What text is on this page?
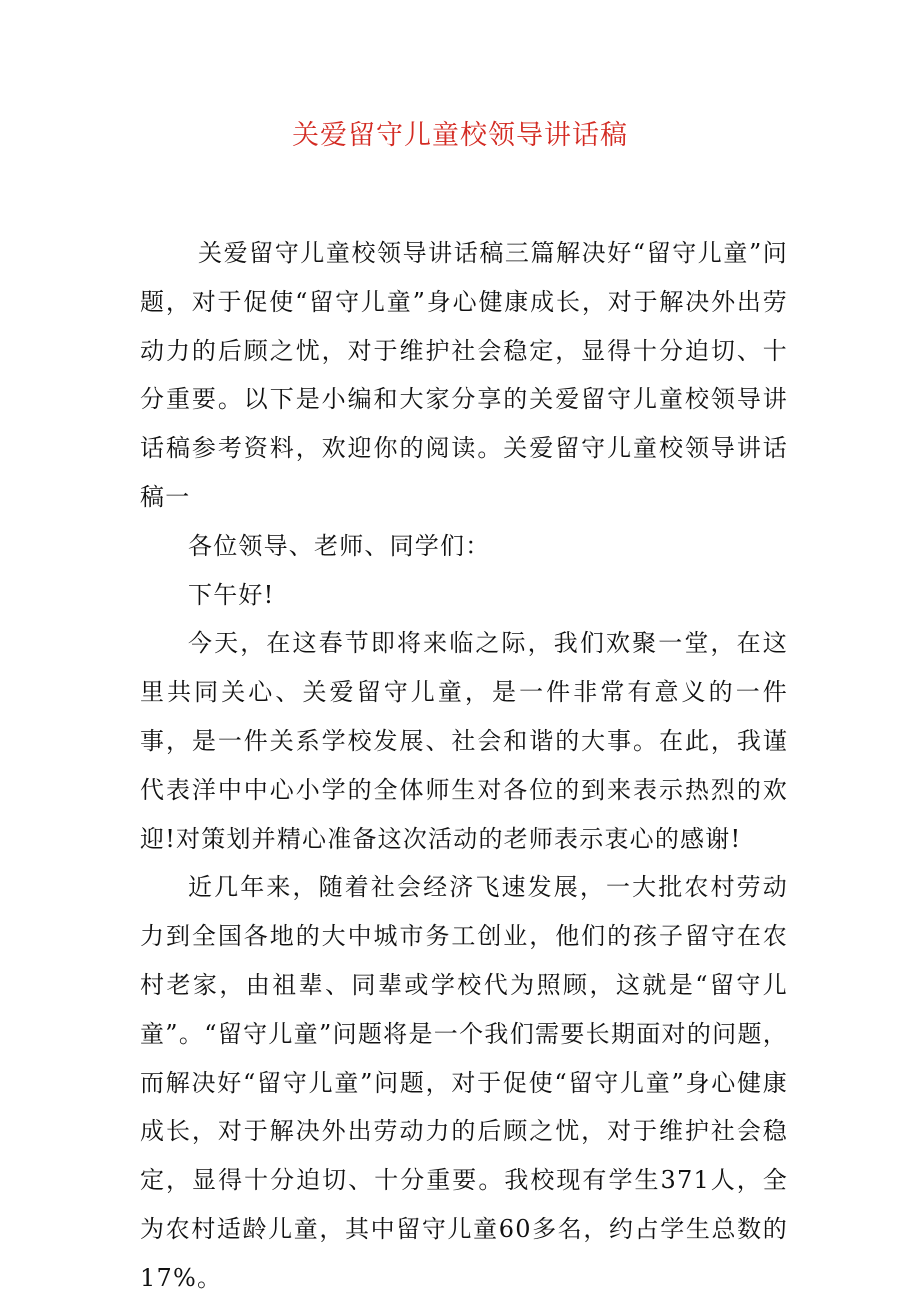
关爱留守儿童校领导讲话稿

关爱留守儿童校领导讲话稿三篇解决好“留守儿童”问题，对于促使“留守儿童”身心健康成长，对于解决外出劳动力的后顾之忧，对于维护社会稳定，显得十分迫切、十分重要。以下是小编和大家分享的关爱留守儿童校领导讲话稿参考资料，欢迎你的阅读。关爱留守儿童校领导讲话稿一

各位领导、老师、同学们：

下午好!

今天，在这春节即将来临之际，我们欢聚一堂，在这里共同关心、关爱留守儿童，是一件非常有意义的一件事，是一件关系学校发展、社会和谐的大事。在此，我谨代表洋中中心小学的全体师生对各位的到来表示热烈的欢迎!对策划并精心准备这次活动的老师表示衷心的感谢!

近几年来，随着社会经济飞速发展，一大批农村劳动力到全国各地的大中城市务工创业，他们的孩子留守在农村老家，由祖辈、同辈或学校代为照顾，这就是“留守儿童”。“留守儿童”问题将是一个我们需要长期面对的问题，而解决好“留守儿童”问题，对于促使“留守儿童”身心健康成长，对于解决外出劳动力的后顾之忧，对于维护社会稳定，显得十分迫切、十分重要。我校现有学生371人，全为农村适龄儿童，其中留守儿童60多名，约占学生总数的17%。
